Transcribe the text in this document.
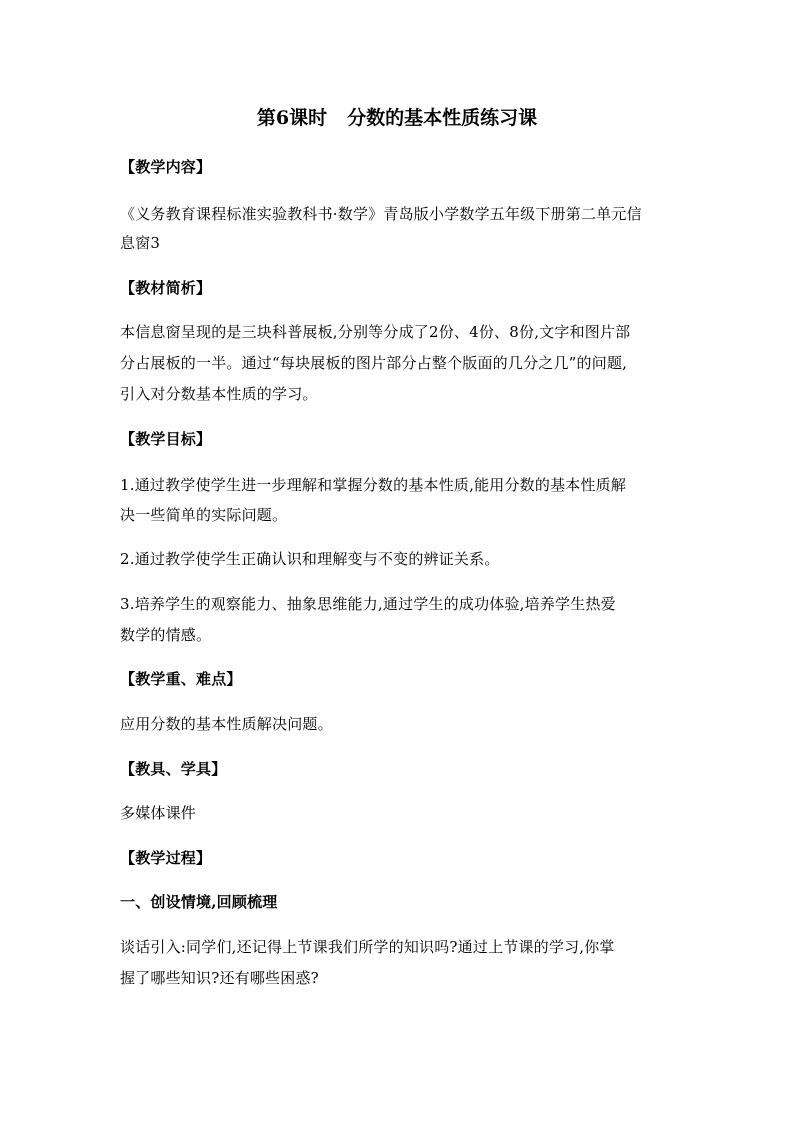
第6课时 分数的基本性质练习课
【教学内容】
《义务教育课程标准实验教科书·数学》青岛版小学数学五年级下册第二单元信
息窗3
【教材简析】
本信息窗呈现的是三块科普展板,分别等分成了2份、4份、8份,文字和图片部
分占展板的一半。通过“每块展板的图片部分占整个版面的几分之几”的问题,
引入对分数基本性质的学习。
【教学目标】
1.通过教学使学生进一步理解和掌握分数的基本性质,能用分数的基本性质解
决一些简单的实际问题。
2.通过教学使学生正确认识和理解变与不变的辨证关系。
3.培养学生的观察能力、抽象思维能力,通过学生的成功体验,培养学生热爱
数学的情感。
【教学重、难点】
应用分数的基本性质解决问题。
【教具、学具】
多媒体课件
【教学过程】
一、创设情境,回顾梳理
谈话引入:同学们,还记得上节课我们所学的知识吗?通过上节课的学习,你掌
握了哪些知识?还有哪些困惑?
